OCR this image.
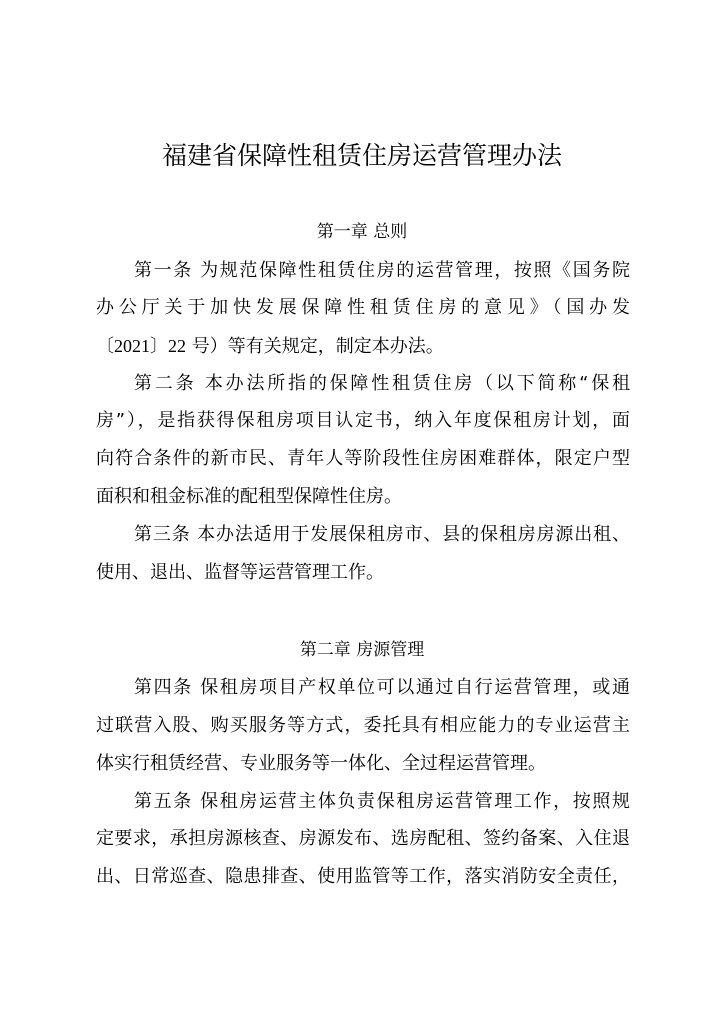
福建省保障性租赁住房运营管理办法
第一章 总则
第一条 为规范保障性租赁住房的运营管理，按照《国务院
办公厅关于加快发展保障性租赁住房的意见》（国办发
〔2021〕22 号）等有关规定，制定本办法。
第二条 本办法所指的保障性租赁住房（以下简称“保租
房”），是指获得保租房项目认定书，纳入年度保租房计划，面
向符合条件的新市民、青年人等阶段性住房困难群体，限定户型
面积和租金标准的配租型保障性住房。
第三条 本办法适用于发展保租房市、县的保租房房源出租、
使用、退出、监督等运营管理工作。
第二章 房源管理
第四条 保租房项目产权单位可以通过自行运营管理，或通
过联营入股、购买服务等方式，委托具有相应能力的专业运营主
体实行租赁经营、专业服务等一体化、全过程运营管理。
第五条 保租房运营主体负责保租房运营管理工作，按照规
定要求，承担房源核查、房源发布、选房配租、签约备案、入住退
出、日常巡查、隐患排查、使用监管等工作，落实消防安全责任，
